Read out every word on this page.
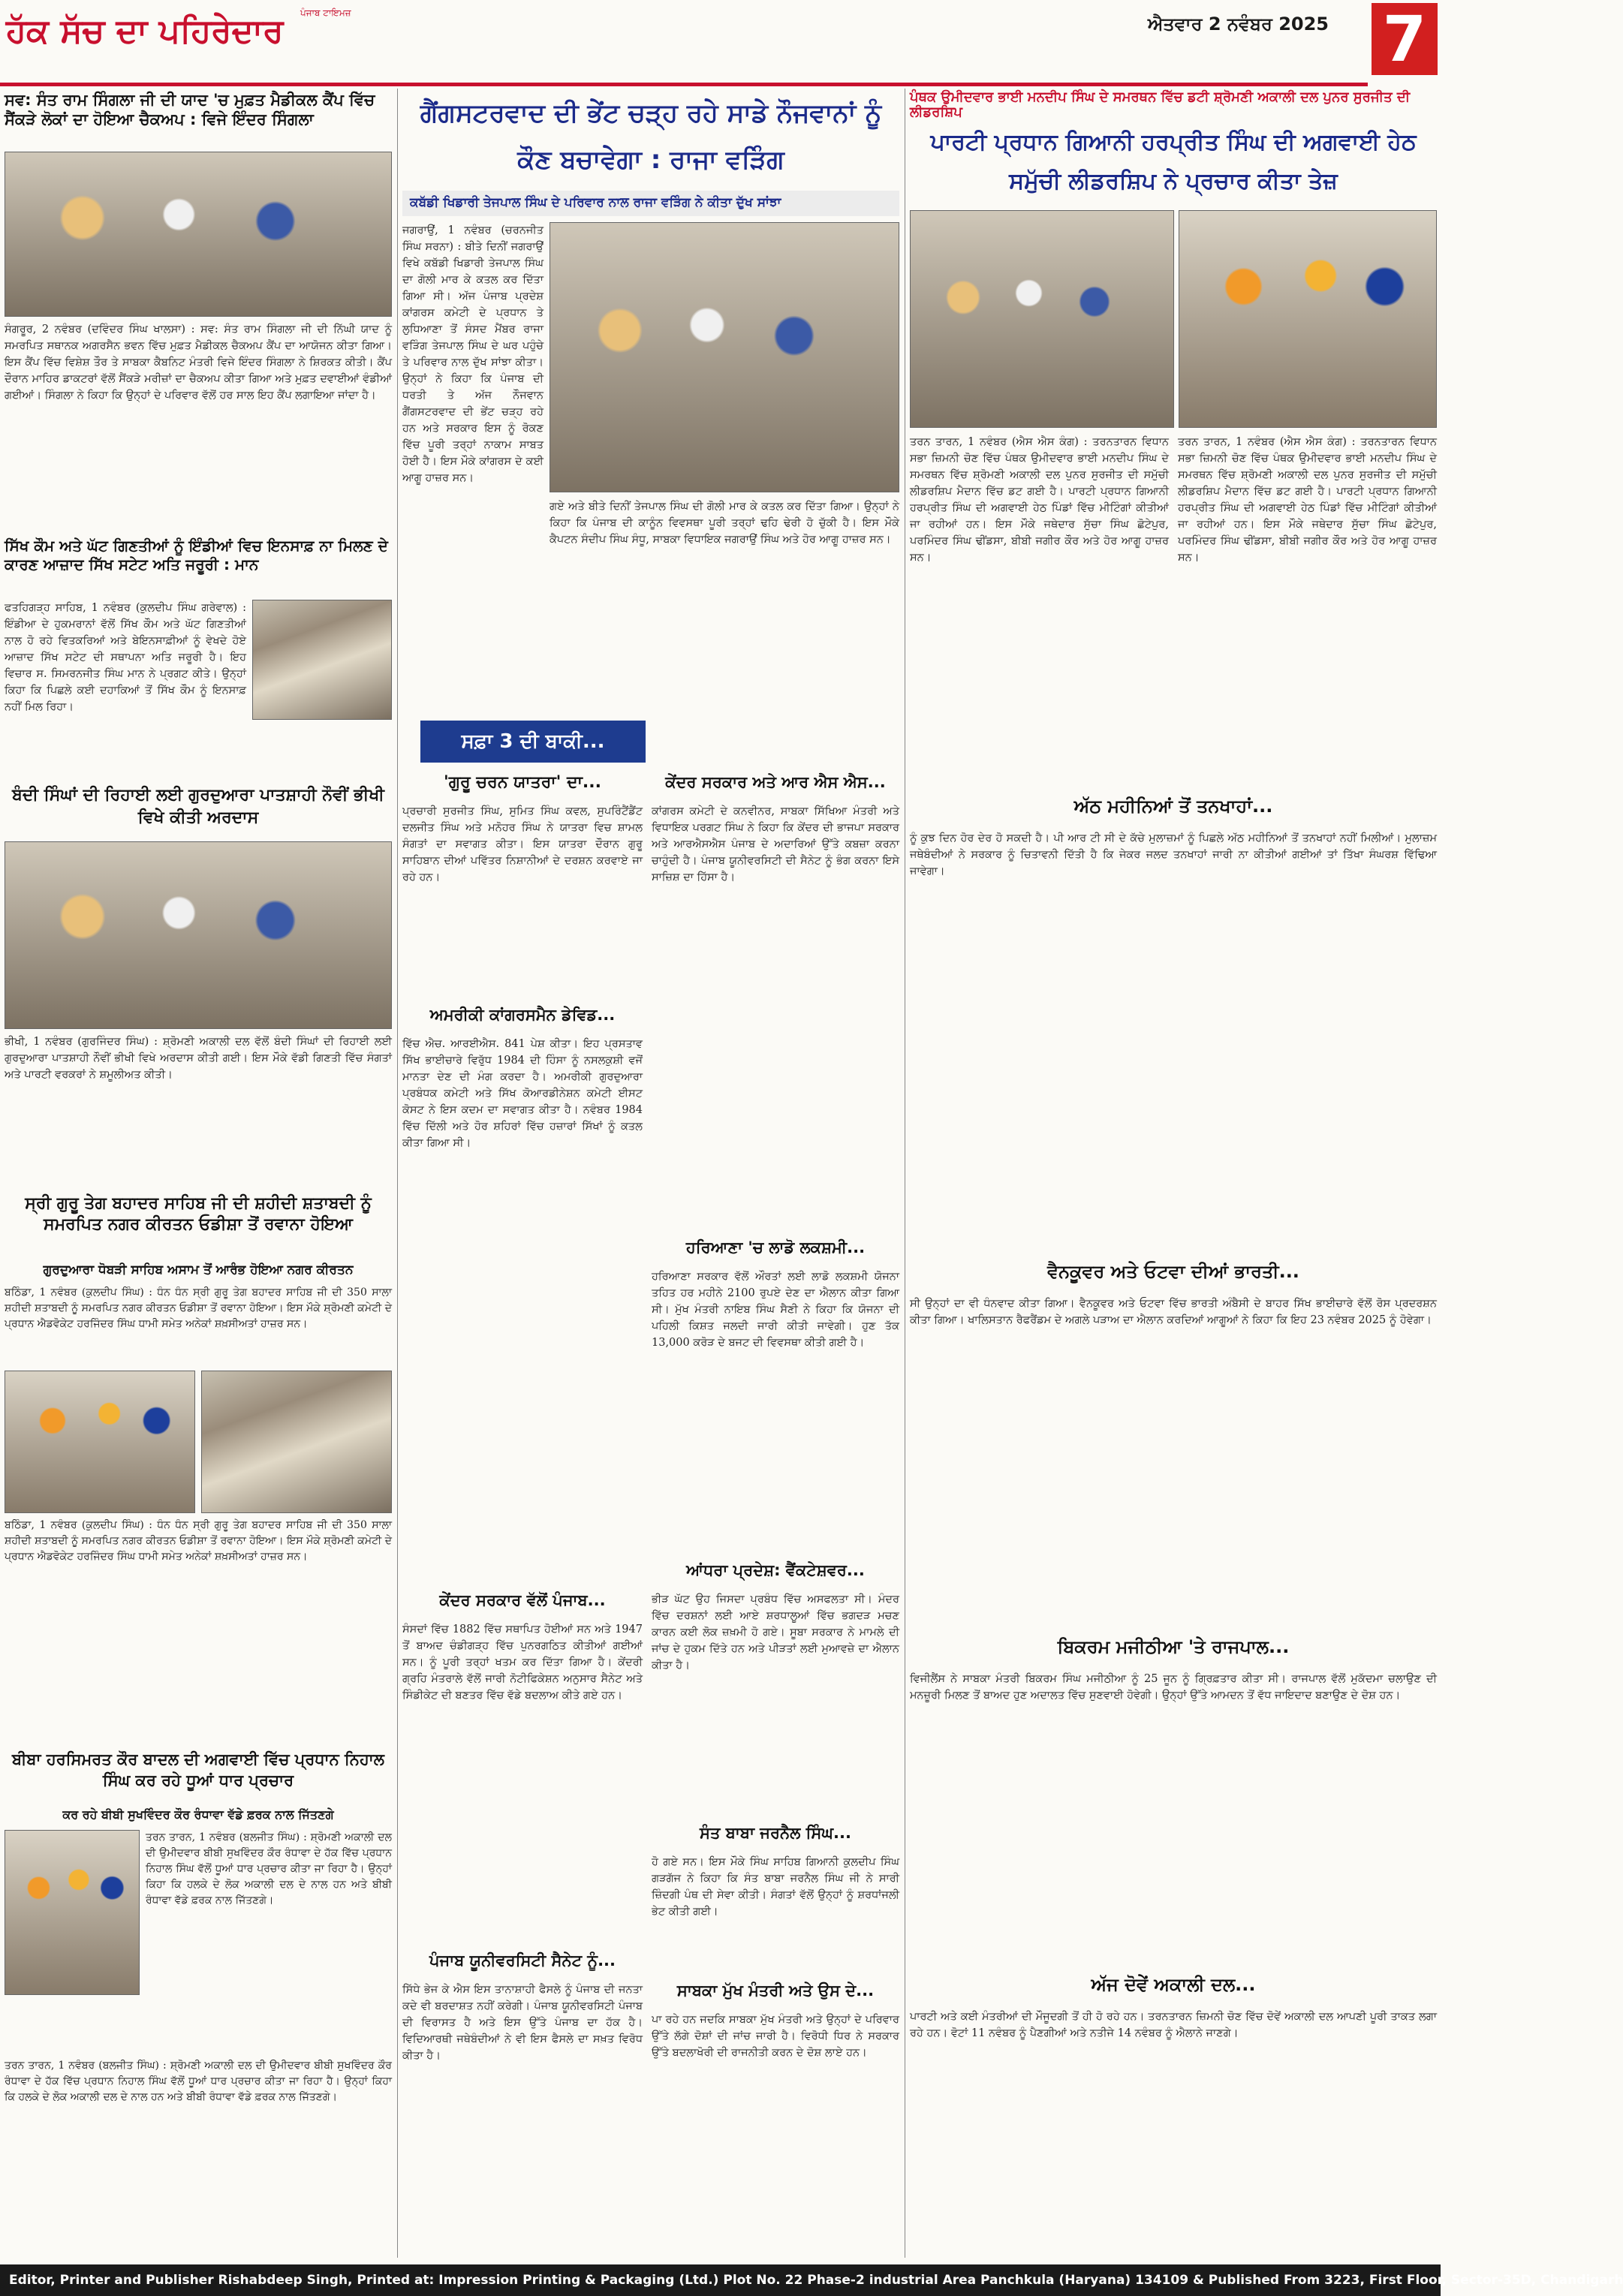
ਹੱਕ ਸੱਚ ਦਾ ਪਹਿਰੇਦਾਰ	ਪੰਜਾਬ ਟਾਇਮਜ਼
ਐਤਵਾਰ 2 ਨਵੰਬਰ 2025 7
ਸਵ: ਸੰਤ ਰਾਮ ਸਿੰਗਲਾ ਜੀ ਦੀ ਯਾਦ 'ਚ ਮੁਫ਼ਤ ਮੈਡੀਕਲ ਕੈਂਪ ਵਿੱਚ ਸੈਂਕੜੇ ਲੋਕਾਂ ਦਾ ਹੋਇਆ ਚੈਕਅਪ : ਵਿਜੇ ਇੰਦਰ ਸਿੰਗਲਾ
ਸੰਗਰੂਰ, 2 ਨਵੰਬਰ (ਦਵਿੰਦਰ ਸਿੰਘ ਖਾਲਸਾ) : ਸਵ: ਸੰਤ ਰਾਮ ਸਿੰਗਲਾ ਜੀ ਦੀ ਨਿੱਘੀ ਯਾਦ ਨੂੰ ਸਮਰਪਿਤ ਸਥਾਨਕ ਅਗਰਸੈਨ ਭਵਨ ਵਿੱਚ ਮੁਫ਼ਤ ਮੈਡੀਕਲ ਚੈਕਅਪ ਕੈਂਪ ਦਾ ਆਯੋਜਨ ਕੀਤਾ ਗਿਆ। ਇਸ ਕੈਂਪ ਵਿੱਚ ਵਿਸ਼ੇਸ਼ ਤੌਰ ਤੇ ਸਾਬਕਾ ਕੈਬਨਿਟ ਮੰਤਰੀ ਵਿਜੇ ਇੰਦਰ ਸਿੰਗਲਾ ਨੇ ਸ਼ਿਰਕਤ ਕੀਤੀ। ਕੈਂਪ ਦੌਰਾਨ ਮਾਹਿਰ ਡਾਕਟਰਾਂ ਵੱਲੋਂ ਸੈਂਕੜੇ ਮਰੀਜ਼ਾਂ ਦਾ ਚੈਕਅਪ ਕੀਤਾ ਗਿਆ ਅਤੇ ਮੁਫ਼ਤ ਦਵਾਈਆਂ ਵੰਡੀਆਂ ਗਈਆਂ। ਸਿੰਗਲਾ ਨੇ ਕਿਹਾ ਕਿ ਉਨ੍ਹਾਂ ਦੇ ਪਰਿਵਾਰ ਵੱਲੋਂ ਹਰ ਸਾਲ ਇਹ ਕੈਂਪ ਲਗਾਇਆ ਜਾਂਦਾ ਹੈ।
ਸਿੱਖ ਕੌਮ ਅਤੇ ਘੱਟ ਗਿਣਤੀਆਂ ਨੂੰ ਇੰਡੀਆਂ ਵਿਚ ਇਨਸਾਫ਼ ਨਾ ਮਿਲਣ ਦੇ ਕਾਰਣ ਆਜ਼ਾਦ ਸਿੱਖ ਸਟੇਟ ਅਤਿ ਜਰੂਰੀ : ਮਾਨ
ਫਤਹਿਗੜ੍ਹ ਸਾਹਿਬ, 1 ਨਵੰਬਰ (ਕੁਲਦੀਪ ਸਿੰਘ ਗਰੇਵਾਲ) : ਇੰਡੀਆ ਦੇ ਹੁਕਮਰਾਨਾਂ ਵੱਲੋਂ ਸਿੱਖ ਕੌਮ ਅਤੇ ਘੱਟ ਗਿਣਤੀਆਂ ਨਾਲ ਹੋ ਰਹੇ ਵਿਤਕਰਿਆਂ ਅਤੇ ਬੇਇਨਸਾਫ਼ੀਆਂ ਨੂੰ ਵੇਖਦੇ ਹੋਏ ਆਜ਼ਾਦ ਸਿੱਖ ਸਟੇਟ ਦੀ ਸਥਾਪਨਾ ਅਤਿ ਜਰੂਰੀ ਹੈ। ਇਹ ਵਿਚਾਰ ਸ. ਸਿਮਰਨਜੀਤ ਸਿੰਘ ਮਾਨ ਨੇ ਪ੍ਰਗਟ ਕੀਤੇ। ਉਨ੍ਹਾਂ ਕਿਹਾ ਕਿ ਪਿਛਲੇ ਕਈ ਦਹਾਕਿਆਂ ਤੋਂ ਸਿੱਖ ਕੌਮ ਨੂੰ ਇਨਸਾਫ਼ ਨਹੀਂ ਮਿਲ ਰਿਹਾ।
ਬੰਦੀ ਸਿੰਘਾਂ ਦੀ ਰਿਹਾਈ ਲਈ ਗੁਰਦੁਆਰਾ ਪਾਤਸ਼ਾਹੀ ਨੌਵੀਂ ਭੀਖੀ ਵਿਖੇ ਕੀਤੀ ਅਰਦਾਸ
ਭੀਖੀ, 1 ਨਵੰਬਰ (ਗੁਰਜਿੰਦਰ ਸਿੰਘ) : ਸ਼੍ਰੋਮਣੀ ਅਕਾਲੀ ਦਲ ਵੱਲੋਂ ਬੰਦੀ ਸਿੰਘਾਂ ਦੀ ਰਿਹਾਈ ਲਈ ਗੁਰਦੁਆਰਾ ਪਾਤਸ਼ਾਹੀ ਨੌਵੀਂ ਭੀਖੀ ਵਿਖੇ ਅਰਦਾਸ ਕੀਤੀ ਗਈ। ਇਸ ਮੌਕੇ ਵੱਡੀ ਗਿਣਤੀ ਵਿੱਚ ਸੰਗਤਾਂ ਅਤੇ ਪਾਰਟੀ ਵਰਕਰਾਂ ਨੇ ਸ਼ਮੂਲੀਅਤ ਕੀਤੀ।
ਸ੍ਰੀ ਗੁਰੂ ਤੇਗ ਬਹਾਦਰ ਸਾਹਿਬ ਜੀ ਦੀ ਸ਼ਹੀਦੀ ਸ਼ਤਾਬਦੀ ਨੂੰ ਸਮਰਪਿਤ ਨਗਰ ਕੀਰਤਨ ਓਡੀਸ਼ਾ ਤੋਂ ਰਵਾਨਾ ਹੋਇਆ
ਗੁਰਦੁਆਰਾ ਧੋਬੜੀ ਸਾਹਿਬ ਅਸਾਮ ਤੋਂ ਆਰੰਭ ਹੋਇਆ ਨਗਰ ਕੀਰਤਨ
ਬਠਿੰਡਾ, 1 ਨਵੰਬਰ (ਕੁਲਦੀਪ ਸਿੰਘ) : ਧੰਨ ਧੰਨ ਸ੍ਰੀ ਗੁਰੂ ਤੇਗ ਬਹਾਦਰ ਸਾਹਿਬ ਜੀ ਦੀ 350 ਸਾਲਾ ਸ਼ਹੀਦੀ ਸ਼ਤਾਬਦੀ ਨੂੰ ਸਮਰਪਿਤ ਨਗਰ ਕੀਰਤਨ ਓਡੀਸ਼ਾ ਤੋਂ ਰਵਾਨਾ ਹੋਇਆ। ਇਸ ਮੌਕੇ ਸ਼੍ਰੋਮਣੀ ਕਮੇਟੀ ਦੇ ਪ੍ਰਧਾਨ ਐਡਵੋਕੇਟ ਹਰਜਿੰਦਰ ਸਿੰਘ ਧਾਮੀ ਸਮੇਤ ਅਨੇਕਾਂ ਸ਼ਖ਼ਸੀਅਤਾਂ ਹਾਜ਼ਰ ਸਨ।
ਬਠਿੰਡਾ, 1 ਨਵੰਬਰ (ਕੁਲਦੀਪ ਸਿੰਘ) : ਧੰਨ ਧੰਨ ਸ੍ਰੀ ਗੁਰੂ ਤੇਗ ਬਹਾਦਰ ਸਾਹਿਬ ਜੀ ਦੀ 350 ਸਾਲਾ ਸ਼ਹੀਦੀ ਸ਼ਤਾਬਦੀ ਨੂੰ ਸਮਰਪਿਤ ਨਗਰ ਕੀਰਤਨ ਓਡੀਸ਼ਾ ਤੋਂ ਰਵਾਨਾ ਹੋਇਆ। ਇਸ ਮੌਕੇ ਸ਼੍ਰੋਮਣੀ ਕਮੇਟੀ ਦੇ ਪ੍ਰਧਾਨ ਐਡਵੋਕੇਟ ਹਰਜਿੰਦਰ ਸਿੰਘ ਧਾਮੀ ਸਮੇਤ ਅਨੇਕਾਂ ਸ਼ਖ਼ਸੀਅਤਾਂ ਹਾਜ਼ਰ ਸਨ।
ਬੀਬਾ ਹਰਸਿਮਰਤ ਕੌਰ ਬਾਦਲ ਦੀ ਅਗਵਾਈ ਵਿੱਚ ਪ੍ਰਧਾਨ ਨਿਹਾਲ ਸਿੰਘ ਕਰ ਰਹੇ ਧੂਆਂ ਧਾਰ ਪ੍ਰਚਾਰ
ਕਰ ਰਹੇ ਬੀਬੀ ਸੁਖਵਿੰਦਰ ਕੌਰ ਰੰਧਾਵਾ ਵੱਡੇ ਫ਼ਰਕ ਨਾਲ ਜਿੱਤਣਗੇ
ਤਰਨ ਤਾਰਨ, 1 ਨਵੰਬਰ (ਬਲਜੀਤ ਸਿੰਘ) : ਸ਼੍ਰੋਮਣੀ ਅਕਾਲੀ ਦਲ ਦੀ ਉਮੀਦਵਾਰ ਬੀਬੀ ਸੁਖਵਿੰਦਰ ਕੌਰ ਰੰਧਾਵਾ ਦੇ ਹੱਕ ਵਿੱਚ ਪ੍ਰਧਾਨ ਨਿਹਾਲ ਸਿੰਘ ਵੱਲੋਂ ਧੂਆਂ ਧਾਰ ਪ੍ਰਚਾਰ ਕੀਤਾ ਜਾ ਰਿਹਾ ਹੈ। ਉਨ੍ਹਾਂ ਕਿਹਾ ਕਿ ਹਲਕੇ ਦੇ ਲੋਕ ਅਕਾਲੀ ਦਲ ਦੇ ਨਾਲ ਹਨ ਅਤੇ ਬੀਬੀ ਰੰਧਾਵਾ ਵੱਡੇ ਫ਼ਰਕ ਨਾਲ ਜਿੱਤਣਗੇ।
ਤਰਨ ਤਾਰਨ, 1 ਨਵੰਬਰ (ਬਲਜੀਤ ਸਿੰਘ) : ਸ਼੍ਰੋਮਣੀ ਅਕਾਲੀ ਦਲ ਦੀ ਉਮੀਦਵਾਰ ਬੀਬੀ ਸੁਖਵਿੰਦਰ ਕੌਰ ਰੰਧਾਵਾ ਦੇ ਹੱਕ ਵਿੱਚ ਪ੍ਰਧਾਨ ਨਿਹਾਲ ਸਿੰਘ ਵੱਲੋਂ ਧੂਆਂ ਧਾਰ ਪ੍ਰਚਾਰ ਕੀਤਾ ਜਾ ਰਿਹਾ ਹੈ। ਉਨ੍ਹਾਂ ਕਿਹਾ ਕਿ ਹਲਕੇ ਦੇ ਲੋਕ ਅਕਾਲੀ ਦਲ ਦੇ ਨਾਲ ਹਨ ਅਤੇ ਬੀਬੀ ਰੰਧਾਵਾ ਵੱਡੇ ਫ਼ਰਕ ਨਾਲ ਜਿੱਤਣਗੇ।
ਗੈਂਗਸਟਰਵਾਦ ਦੀ ਭੇਂਟ ਚੜ੍ਹ ਰਹੇ ਸਾਡੇ ਨੌਜਵਾਨਾਂ ਨੂੰ ਕੌਣ ਬਚਾਵੇਗਾ : ਰਾਜਾ ਵੜਿੰਗ
ਕਬੱਡੀ ਖਿਡਾਰੀ ਤੇਜਪਾਲ ਸਿੰਘ ਦੇ ਪਰਿਵਾਰ ਨਾਲ ਰਾਜਾ ਵੜਿੰਗ ਨੇ ਕੀਤਾ ਦੁੱਖ ਸਾਂਝਾ
ਜਗਰਾਉਂ, 1 ਨਵੰਬਰ (ਚਰਨਜੀਤ ਸਿੰਘ ਸਰਨਾ) : ਬੀਤੇ ਦਿਨੀਂ ਜਗਰਾਉਂ ਵਿਖੇ ਕਬੱਡੀ ਖਿਡਾਰੀ ਤੇਜਪਾਲ ਸਿੰਘ ਦਾ ਗੋਲੀ ਮਾਰ ਕੇ ਕਤਲ ਕਰ ਦਿੱਤਾ ਗਿਆ ਸੀ। ਅੱਜ ਪੰਜਾਬ ਪ੍ਰਦੇਸ਼ ਕਾਂਗਰਸ ਕਮੇਟੀ ਦੇ ਪ੍ਰਧਾਨ ਤੇ ਲੁਧਿਆਣਾ ਤੋਂ ਸੰਸਦ ਮੈਂਬਰ ਰਾਜਾ ਵੜਿੰਗ ਤੇਜਪਾਲ ਸਿੰਘ ਦੇ ਘਰ ਪਹੁੰਚੇ ਤੇ ਪਰਿਵਾਰ ਨਾਲ ਦੁੱਖ ਸਾਂਝਾ ਕੀਤਾ। ਉਨ੍ਹਾਂ ਨੇ ਕਿਹਾ ਕਿ ਪੰਜਾਬ ਦੀ ਧਰਤੀ ਤੇ ਅੱਜ ਨੌਜਵਾਨ ਗੈਂਗਸਟਰਵਾਦ ਦੀ ਭੇਂਟ ਚੜ੍ਹ ਰਹੇ ਹਨ ਅਤੇ ਸਰਕਾਰ ਇਸ ਨੂੰ ਰੋਕਣ ਵਿੱਚ ਪੂਰੀ ਤਰ੍ਹਾਂ ਨਾਕਾਮ ਸਾਬਤ ਹੋਈ ਹੈ। ਇਸ ਮੌਕੇ ਕਾਂਗਰਸ ਦੇ ਕਈ ਆਗੂ ਹਾਜ਼ਰ ਸਨ।
ਗਏ ਅਤੇ ਬੀਤੇ ਦਿਨੀਂ ਤੇਜਪਾਲ ਸਿੰਘ ਦੀ ਗੋਲੀ ਮਾਰ ਕੇ ਕਤਲ ਕਰ ਦਿੱਤਾ ਗਿਆ। ਉਨ੍ਹਾਂ ਨੇ ਕਿਹਾ ਕਿ ਪੰਜਾਬ ਦੀ ਕਾਨੂੰਨ ਵਿਵਸਥਾ ਪੂਰੀ ਤਰ੍ਹਾਂ ਢਹਿ ਢੇਰੀ ਹੋ ਚੁੱਕੀ ਹੈ। ਇਸ ਮੌਕੇ ਕੈਪਟਨ ਸੰਦੀਪ ਸਿੰਘ ਸੰਧੂ, ਸਾਬਕਾ ਵਿਧਾਇਕ ਜਗਰਾਉਂ ਸਿੰਘ ਅਤੇ ਹੋਰ ਆਗੂ ਹਾਜ਼ਰ ਸਨ।
ਸਫ਼ਾ 3 ਦੀ ਬਾਕੀ...
'ਗੁਰੂ ਚਰਨ ਯਾਤਰਾ' ਦਾ...
ਪ੍ਰਚਾਰੀ ਸੁਰਜੀਤ ਸਿੰਘ, ਸੁਮਿਤ ਸਿੰਘ ਕਵਲ, ਸੁਪਰਿੰਟੈਂਡੈਂਟ ਦਲਜੀਤ ਸਿੰਘ ਅਤੇ ਮਨੋਹਰ ਸਿੰਘ ਨੇ ਯਾਤਰਾ ਵਿਚ ਸ਼ਾਮਲ ਸੰਗਤਾਂ ਦਾ ਸਵਾਗਤ ਕੀਤਾ। ਇਸ ਯਾਤਰਾ ਦੌਰਾਨ ਗੁਰੂ ਸਾਹਿਬਾਨ ਦੀਆਂ ਪਵਿੱਤਰ ਨਿਸ਼ਾਨੀਆਂ ਦੇ ਦਰਸ਼ਨ ਕਰਵਾਏ ਜਾ ਰਹੇ ਹਨ।
ਅਮਰੀਕੀ ਕਾਂਗਰਸਮੈਨ ਡੇਵਿਡ...
ਵਿੱਚ ਐਚ. ਆਰਈਐਸ. 841 ਪੇਸ਼ ਕੀਤਾ। ਇਹ ਪ੍ਰਸਤਾਵ ਸਿੱਖ ਭਾਈਚਾਰੇ ਵਿਰੁੱਧ 1984 ਦੀ ਹਿੰਸਾ ਨੂੰ ਨਸਲਕੁਸ਼ੀ ਵਜੋਂ ਮਾਨਤਾ ਦੇਣ ਦੀ ਮੰਗ ਕਰਦਾ ਹੈ। ਅਮਰੀਕੀ ਗੁਰਦੁਆਰਾ ਪ੍ਰਬੰਧਕ ਕਮੇਟੀ ਅਤੇ ਸਿੱਖ ਕੋਆਰਡੀਨੇਸ਼ਨ ਕਮੇਟੀ ਈਸਟ ਕੋਸਟ ਨੇ ਇਸ ਕਦਮ ਦਾ ਸਵਾਗਤ ਕੀਤਾ ਹੈ। ਨਵੰਬਰ 1984 ਵਿੱਚ ਦਿੱਲੀ ਅਤੇ ਹੋਰ ਸ਼ਹਿਰਾਂ ਵਿੱਚ ਹਜ਼ਾਰਾਂ ਸਿੱਖਾਂ ਨੂੰ ਕਤਲ ਕੀਤਾ ਗਿਆ ਸੀ।
ਕੇਂਦਰ ਸਰਕਾਰ ਵੱਲੋਂ ਪੰਜਾਬ...
ਸੰਸਦਾਂ ਵਿੱਚ 1882 ਵਿੱਚ ਸਥਾਪਿਤ ਹੋਈਆਂ ਸਨ ਅਤੇ 1947 ਤੋਂ ਬਾਅਦ ਚੰਡੀਗੜ੍ਹ ਵਿੱਚ ਪੁਨਰਗਠਿਤ ਕੀਤੀਆਂ ਗਈਆਂ ਸਨ। ਨੂੰ ਪੂਰੀ ਤਰ੍ਹਾਂ ਖਤਮ ਕਰ ਦਿੱਤਾ ਗਿਆ ਹੈ। ਕੇਂਦਰੀ ਗ੍ਰਹਿ ਮੰਤਰਾਲੇ ਵੱਲੋਂ ਜਾਰੀ ਨੋਟੀਫਿਕੇਸ਼ਨ ਅਨੁਸਾਰ ਸੈਨੇਟ ਅਤੇ ਸਿੰਡੀਕੇਟ ਦੀ ਬਣਤਰ ਵਿੱਚ ਵੱਡੇ ਬਦਲਾਅ ਕੀਤੇ ਗਏ ਹਨ।
ਪੰਜਾਬ ਯੂਨੀਵਰਸਿਟੀ ਸੈਨੇਟ ਨੂੰ...
ਸਿੱਧੇ ਭੇਜ ਕੇ ਐਸ ਇਸ ਤਾਨਾਸ਼ਾਹੀ ਫੈਸਲੇ ਨੂੰ ਪੰਜਾਬ ਦੀ ਜਨਤਾ ਕਦੇ ਵੀ ਬਰਦਾਸ਼ਤ ਨਹੀਂ ਕਰੇਗੀ। ਪੰਜਾਬ ਯੂਨੀਵਰਸਿਟੀ ਪੰਜਾਬ ਦੀ ਵਿਰਾਸਤ ਹੈ ਅਤੇ ਇਸ ਉੱਤੇ ਪੰਜਾਬ ਦਾ ਹੱਕ ਹੈ। ਵਿਦਿਆਰਥੀ ਜਥੇਬੰਦੀਆਂ ਨੇ ਵੀ ਇਸ ਫੈਸਲੇ ਦਾ ਸਖ਼ਤ ਵਿਰੋਧ ਕੀਤਾ ਹੈ।
ਕੇਂਦਰ ਸਰਕਾਰ ਅਤੇ ਆਰ ਐਸ ਐਸ...
ਕਾਂਗਰਸ ਕਮੇਟੀ ਦੇ ਕਨਵੀਨਰ, ਸਾਬਕਾ ਸਿੱਖਿਆ ਮੰਤਰੀ ਅਤੇ ਵਿਧਾਇਕ ਪਰਗਟ ਸਿੰਘ ਨੇ ਕਿਹਾ ਕਿ ਕੇਂਦਰ ਦੀ ਭਾਜਪਾ ਸਰਕਾਰ ਅਤੇ ਆਰਐਸਐਸ ਪੰਜਾਬ ਦੇ ਅਦਾਰਿਆਂ ਉੱਤੇ ਕਬਜ਼ਾ ਕਰਨਾ ਚਾਹੁੰਦੀ ਹੈ। ਪੰਜਾਬ ਯੂਨੀਵਰਸਿਟੀ ਦੀ ਸੈਨੇਟ ਨੂੰ ਭੰਗ ਕਰਨਾ ਇਸੇ ਸਾਜ਼ਿਸ਼ ਦਾ ਹਿੱਸਾ ਹੈ।
ਹਰਿਆਣਾ 'ਚ ਲਾਡੋ ਲਕਸ਼ਮੀ...
ਹਰਿਆਣਾ ਸਰਕਾਰ ਵੱਲੋਂ ਔਰਤਾਂ ਲਈ ਲਾਡੋ ਲਕਸ਼ਮੀ ਯੋਜਨਾ ਤਹਿਤ ਹਰ ਮਹੀਨੇ 2100 ਰੁਪਏ ਦੇਣ ਦਾ ਐਲਾਨ ਕੀਤਾ ਗਿਆ ਸੀ। ਮੁੱਖ ਮੰਤਰੀ ਨਾਇਬ ਸਿੰਘ ਸੈਣੀ ਨੇ ਕਿਹਾ ਕਿ ਯੋਜਨਾ ਦੀ ਪਹਿਲੀ ਕਿਸ਼ਤ ਜਲਦੀ ਜਾਰੀ ਕੀਤੀ ਜਾਵੇਗੀ। ਹੁਣ ਤੱਕ 13,000 ਕਰੋੜ ਦੇ ਬਜਟ ਦੀ ਵਿਵਸਥਾ ਕੀਤੀ ਗਈ ਹੈ।
ਆਂਧਰਾ ਪ੍ਰਦੇਸ਼: ਵੈਂਕਟੇਸ਼ਵਰ...
ਭੀੜ ਘੱਟ ਉਹ ਜਿਸਦਾ ਪ੍ਰਬੰਧ ਵਿੱਚ ਅਸਫਲਤਾ ਸੀ। ਮੰਦਰ ਵਿੱਚ ਦਰਸ਼ਨਾਂ ਲਈ ਆਏ ਸ਼ਰਧਾਲੂਆਂ ਵਿੱਚ ਭਗਦੜ ਮਚਣ ਕਾਰਨ ਕਈ ਲੋਕ ਜ਼ਖ਼ਮੀ ਹੋ ਗਏ। ਸੂਬਾ ਸਰਕਾਰ ਨੇ ਮਾਮਲੇ ਦੀ ਜਾਂਚ ਦੇ ਹੁਕਮ ਦਿੱਤੇ ਹਨ ਅਤੇ ਪੀੜਤਾਂ ਲਈ ਮੁਆਵਜ਼ੇ ਦਾ ਐਲਾਨ ਕੀਤਾ ਹੈ।
ਸੰਤ ਬਾਬਾ ਜਰਨੈਲ ਸਿੰਘ...
ਹੋ ਗਏ ਸਨ। ਇਸ ਮੌਕੇ ਸਿੰਘ ਸਾਹਿਬ ਗਿਆਨੀ ਕੁਲਦੀਪ ਸਿੰਘ ਗੜਗੱਜ ਨੇ ਕਿਹਾ ਕਿ ਸੰਤ ਬਾਬਾ ਜਰਨੈਲ ਸਿੰਘ ਜੀ ਨੇ ਸਾਰੀ ਜ਼ਿੰਦਗੀ ਪੰਥ ਦੀ ਸੇਵਾ ਕੀਤੀ। ਸੰਗਤਾਂ ਵੱਲੋਂ ਉਨ੍ਹਾਂ ਨੂੰ ਸ਼ਰਧਾਂਜਲੀ ਭੇਟ ਕੀਤੀ ਗਈ।
ਸਾਬਕਾ ਮੁੱਖ ਮੰਤਰੀ ਅਤੇ ਉਸ ਦੇ...
ਪਾ ਰਹੇ ਹਨ ਜਦਕਿ ਸਾਬਕਾ ਮੁੱਖ ਮੰਤਰੀ ਅਤੇ ਉਨ੍ਹਾਂ ਦੇ ਪਰਿਵਾਰ ਉੱਤੇ ਲੱਗੇ ਦੋਸ਼ਾਂ ਦੀ ਜਾਂਚ ਜਾਰੀ ਹੈ। ਵਿਰੋਧੀ ਧਿਰ ਨੇ ਸਰਕਾਰ ਉੱਤੇ ਬਦਲਾਖੋਰੀ ਦੀ ਰਾਜਨੀਤੀ ਕਰਨ ਦੇ ਦੋਸ਼ ਲਾਏ ਹਨ।
ਪੰਥਕ ਉਮੀਦਵਾਰ ਭਾਈ ਮਨਦੀਪ ਸਿੰਘ ਦੇ ਸਮਰਥਨ ਵਿੱਚ ਡਟੀ ਸ਼੍ਰੋਮਣੀ ਅਕਾਲੀ ਦਲ ਪੁਨਰ ਸੁਰਜੀਤ ਦੀ ਲੀਡਰਸ਼ਿਪ
ਪਾਰਟੀ ਪ੍ਰਧਾਨ ਗਿਆਨੀ ਹਰਪ੍ਰੀਤ ਸਿੰਘ ਦੀ ਅਗਵਾਈ ਹੇਠ ਸਮੁੱਚੀ ਲੀਡਰਸ਼ਿਪ ਨੇ ਪ੍ਰਚਾਰ ਕੀਤਾ ਤੇਜ਼
ਤਰਨ ਤਾਰਨ, 1 ਨਵੰਬਰ (ਐਸ ਐਸ ਕੰਗ) : ਤਰਨਤਾਰਨ ਵਿਧਾਨ ਸਭਾ ਜ਼ਿਮਨੀ ਚੋਣ ਵਿੱਚ ਪੰਥਕ ਉਮੀਦਵਾਰ ਭਾਈ ਮਨਦੀਪ ਸਿੰਘ ਦੇ ਸਮਰਥਨ ਵਿੱਚ ਸ਼੍ਰੋਮਣੀ ਅਕਾਲੀ ਦਲ ਪੁਨਰ ਸੁਰਜੀਤ ਦੀ ਸਮੁੱਚੀ ਲੀਡਰਸ਼ਿਪ ਮੈਦਾਨ ਵਿੱਚ ਡਟ ਗਈ ਹੈ। ਪਾਰਟੀ ਪ੍ਰਧਾਨ ਗਿਆਨੀ ਹਰਪ੍ਰੀਤ ਸਿੰਘ ਦੀ ਅਗਵਾਈ ਹੇਠ ਪਿੰਡਾਂ ਵਿੱਚ ਮੀਟਿੰਗਾਂ ਕੀਤੀਆਂ ਜਾ ਰਹੀਆਂ ਹਨ। ਇਸ ਮੌਕੇ ਜਥੇਦਾਰ ਸੁੱਚਾ ਸਿੰਘ ਛੋਟੇਪੁਰ, ਪਰਮਿੰਦਰ ਸਿੰਘ ਢੀਂਡਸਾ, ਬੀਬੀ ਜਗੀਰ ਕੌਰ ਅਤੇ ਹੋਰ ਆਗੂ ਹਾਜ਼ਰ ਸਨ।
ਤਰਨ ਤਾਰਨ, 1 ਨਵੰਬਰ (ਐਸ ਐਸ ਕੰਗ) : ਤਰਨਤਾਰਨ ਵਿਧਾਨ ਸਭਾ ਜ਼ਿਮਨੀ ਚੋਣ ਵਿੱਚ ਪੰਥਕ ਉਮੀਦਵਾਰ ਭਾਈ ਮਨਦੀਪ ਸਿੰਘ ਦੇ ਸਮਰਥਨ ਵਿੱਚ ਸ਼੍ਰੋਮਣੀ ਅਕਾਲੀ ਦਲ ਪੁਨਰ ਸੁਰਜੀਤ ਦੀ ਸਮੁੱਚੀ ਲੀਡਰਸ਼ਿਪ ਮੈਦਾਨ ਵਿੱਚ ਡਟ ਗਈ ਹੈ। ਪਾਰਟੀ ਪ੍ਰਧਾਨ ਗਿਆਨੀ ਹਰਪ੍ਰੀਤ ਸਿੰਘ ਦੀ ਅਗਵਾਈ ਹੇਠ ਪਿੰਡਾਂ ਵਿੱਚ ਮੀਟਿੰਗਾਂ ਕੀਤੀਆਂ ਜਾ ਰਹੀਆਂ ਹਨ। ਇਸ ਮੌਕੇ ਜਥੇਦਾਰ ਸੁੱਚਾ ਸਿੰਘ ਛੋਟੇਪੁਰ, ਪਰਮਿੰਦਰ ਸਿੰਘ ਢੀਂਡਸਾ, ਬੀਬੀ ਜਗੀਰ ਕੌਰ ਅਤੇ ਹੋਰ ਆਗੂ ਹਾਜ਼ਰ ਸਨ।
ਅੱਠ ਮਹੀਨਿਆਂ ਤੋਂ ਤਨਖਾਹਾਂ...
ਨੂੰ ਕੁਝ ਦਿਨ ਹੋਰ ਦੇਰ ਹੋ ਸਕਦੀ ਹੈ। ਪੀ ਆਰ ਟੀ ਸੀ ਦੇ ਕੱਚੇ ਮੁਲਾਜ਼ਮਾਂ ਨੂੰ ਪਿਛਲੇ ਅੱਠ ਮਹੀਨਿਆਂ ਤੋਂ ਤਨਖਾਹਾਂ ਨਹੀਂ ਮਿਲੀਆਂ। ਮੁਲਾਜ਼ਮ ਜਥੇਬੰਦੀਆਂ ਨੇ ਸਰਕਾਰ ਨੂੰ ਚਿਤਾਵਨੀ ਦਿੱਤੀ ਹੈ ਕਿ ਜੇਕਰ ਜਲਦ ਤਨਖਾਹਾਂ ਜਾਰੀ ਨਾ ਕੀਤੀਆਂ ਗਈਆਂ ਤਾਂ ਤਿੱਖਾ ਸੰਘਰਸ਼ ਵਿੱਢਿਆ ਜਾਵੇਗਾ।
ਵੈਨਕੂਵਰ ਅਤੇ ਓਟਵਾ ਦੀਆਂ ਭਾਰਤੀ...
ਸੀ ਉਨ੍ਹਾਂ ਦਾ ਵੀ ਧੰਨਵਾਦ ਕੀਤਾ ਗਿਆ। ਵੈਨਕੂਵਰ ਅਤੇ ਓਟਵਾ ਵਿੱਚ ਭਾਰਤੀ ਅੰਬੈਸੀ ਦੇ ਬਾਹਰ ਸਿੱਖ ਭਾਈਚਾਰੇ ਵੱਲੋਂ ਰੋਸ ਪ੍ਰਦਰਸ਼ਨ ਕੀਤਾ ਗਿਆ। ਖਾਲਿਸਤਾਨ ਰੈਫਰੈਂਡਮ ਦੇ ਅਗਲੇ ਪੜਾਅ ਦਾ ਐਲਾਨ ਕਰਦਿਆਂ ਆਗੂਆਂ ਨੇ ਕਿਹਾ ਕਿ ਇਹ 23 ਨਵੰਬਰ 2025 ਨੂੰ ਹੋਵੇਗਾ।
ਬਿਕਰਮ ਮਜੀਠੀਆ 'ਤੇ ਰਾਜਪਾਲ...
ਵਿਜੀਲੈਂਸ ਨੇ ਸਾਬਕਾ ਮੰਤਰੀ ਬਿਕਰਮ ਸਿੰਘ ਮਜੀਠੀਆ ਨੂੰ 25 ਜੂਨ ਨੂੰ ਗ੍ਰਿਫ਼ਤਾਰ ਕੀਤਾ ਸੀ। ਰਾਜਪਾਲ ਵੱਲੋਂ ਮੁਕੱਦਮਾ ਚਲਾਉਣ ਦੀ ਮਨਜ਼ੂਰੀ ਮਿਲਣ ਤੋਂ ਬਾਅਦ ਹੁਣ ਅਦਾਲਤ ਵਿੱਚ ਸੁਣਵਾਈ ਹੋਵੇਗੀ। ਉਨ੍ਹਾਂ ਉੱਤੇ ਆਮਦਨ ਤੋਂ ਵੱਧ ਜਾਇਦਾਦ ਬਣਾਉਣ ਦੇ ਦੋਸ਼ ਹਨ।
ਅੱਜ ਦੋਵੇਂ ਅਕਾਲੀ ਦਲ...
ਪਾਰਟੀ ਅਤੇ ਕਈ ਮੰਤਰੀਆਂ ਦੀ ਮੌਜੂਦਗੀ ਤੋਂ ਹੀ ਹੋ ਰਹੇ ਹਨ। ਤਰਨਤਾਰਨ ਜ਼ਿਮਨੀ ਚੋਣ ਵਿੱਚ ਦੋਵੇਂ ਅਕਾਲੀ ਦਲ ਆਪਣੀ ਪੂਰੀ ਤਾਕਤ ਲਗਾ ਰਹੇ ਹਨ। ਵੋਟਾਂ 11 ਨਵੰਬਰ ਨੂੰ ਪੈਣਗੀਆਂ ਅਤੇ ਨਤੀਜੇ 14 ਨਵੰਬਰ ਨੂੰ ਐਲਾਨੇ ਜਾਣਗੇ।
Editor, Printer and Publisher Rishabdeep Singh, Printed at: Impression Printing & Packaging (Ltd.) Plot No. 22 Phase-2 industrial Area Panchkula (Haryana) 134109 & Published From 3223, First Floor, Sector-35D, Chandigarh
